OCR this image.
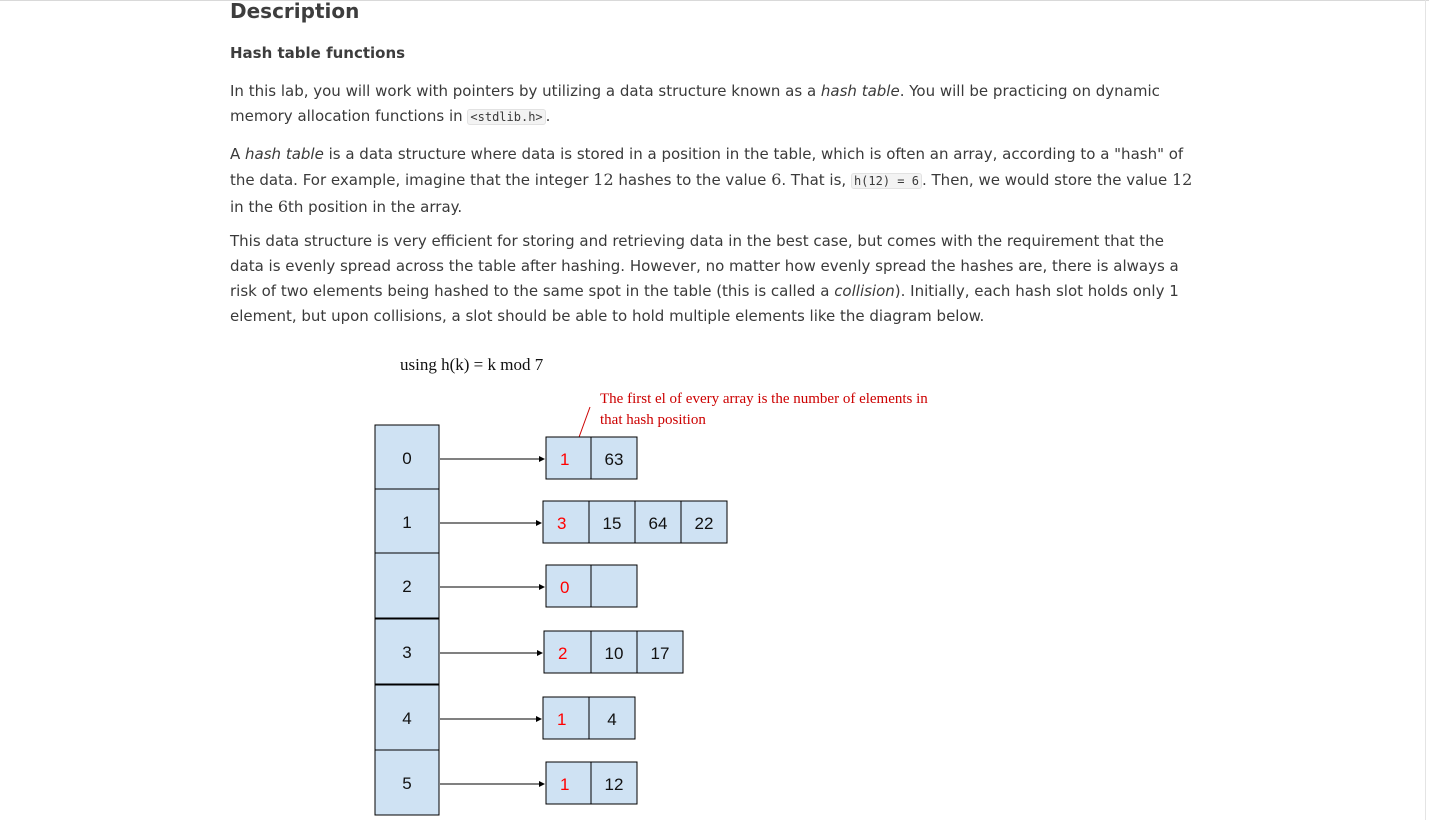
Description
Hash table functions

In this lab, you will work with pointers by utilizing a data structure known as a hash table. You will be practicing on dynamic memory allocation functions in <stdlib.h> .

A hash table is a data structure where data is stored in a position in the table, which is often an array, according to a "hash" of the data. For example, imagine that the integer 12 hashes to the value 6. That is, h(12) = 6 . Then, we would store the value 12 in the 6th position in the array.

This data structure is very efficient for storing and retrieving data in the best case, but comes with the requirement that the data is evenly spread across the table after hashing. However, no matter how evenly spread the hashes are, there is always a risk of two elements being hashed to the same spot in the table (this is called a collision). Initially, each hash slot holds only 1 element, but upon collisions, a slot should be able to hold multiple elements like the diagram below.

using h(k) = k mod 7
The first el of every array is the number of elements in
that hash position
0	1 63
1	3 15 64 22
2	0
3	2 10 17
4	1 4
5	1 12
